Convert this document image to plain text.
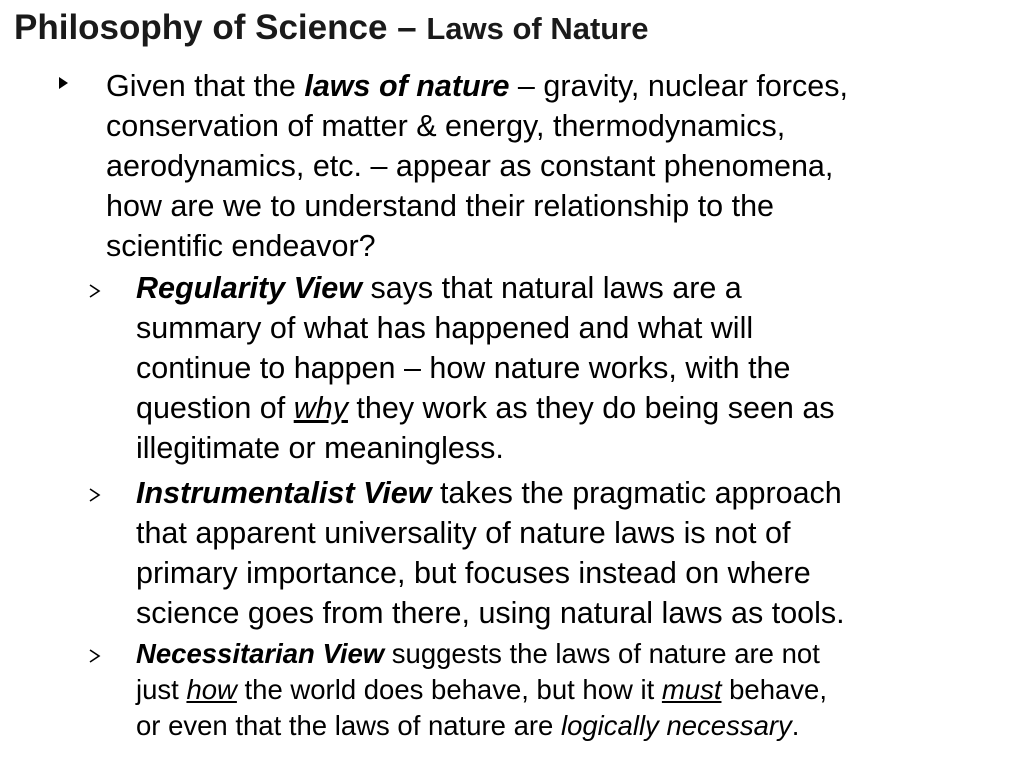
Philosophy of Science – Laws of Nature
Given that the laws of nature – gravity, nuclear forces,
conservation of matter & energy, thermodynamics,
aerodynamics, etc. – appear as constant phenomena,
how are we to understand their relationship to the
scientific endeavor?
Regularity View says that natural laws are a
summary of what has happened and what will
continue to happen – how nature works, with the
question of why they work as they do being seen as
illegitimate or meaningless.
Instrumentalist View takes the pragmatic approach
that apparent universality of nature laws is not of
primary importance, but focuses instead on where
science goes from there, using natural laws as tools.
Necessitarian View suggests the laws of nature are not
just how the world does behave, but how it must behave,
or even that the laws of nature are logically necessary.
